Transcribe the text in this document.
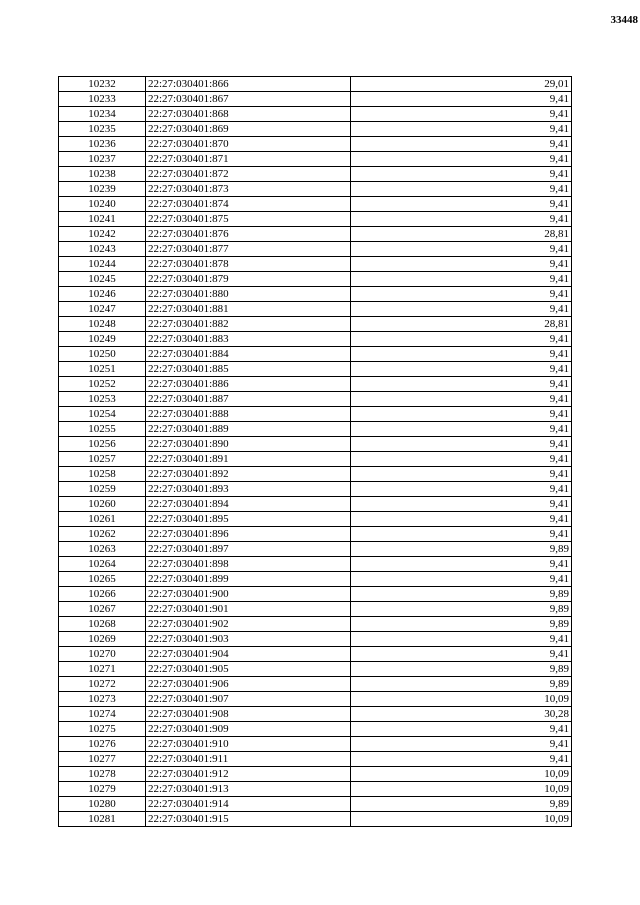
33448
10232	22:27:030401:866	29,01
10233	22:27:030401:867	9,41
10234	22:27:030401:868	9,41
10235	22:27:030401:869	9,41
10236	22:27:030401:870	9,41
10237	22:27:030401:871	9,41
10238	22:27:030401:872	9,41
10239	22:27:030401:873	9,41
10240	22:27:030401:874	9,41
10241	22:27:030401:875	9,41
10242	22:27:030401:876	28,81
10243	22:27:030401:877	9,41
10244	22:27:030401:878	9,41
10245	22:27:030401:879	9,41
10246	22:27:030401:880	9,41
10247	22:27:030401:881	9,41
10248	22:27:030401:882	28,81
10249	22:27:030401:883	9,41
10250	22:27:030401:884	9,41
10251	22:27:030401:885	9,41
10252	22:27:030401:886	9,41
10253	22:27:030401:887	9,41
10254	22:27:030401:888	9,41
10255	22:27:030401:889	9,41
10256	22:27:030401:890	9,41
10257	22:27:030401:891	9,41
10258	22:27:030401:892	9,41
10259	22:27:030401:893	9,41
10260	22:27:030401:894	9,41
10261	22:27:030401:895	9,41
10262	22:27:030401:896	9,41
10263	22:27:030401:897	9,89
10264	22:27:030401:898	9,41
10265	22:27:030401:899	9,41
10266	22:27:030401:900	9,89
10267	22:27:030401:901	9,89
10268	22:27:030401:902	9,89
10269	22:27:030401:903	9,41
10270	22:27:030401:904	9,41
10271	22:27:030401:905	9,89
10272	22:27:030401:906	9,89
10273	22:27:030401:907	10,09
10274	22:27:030401:908	30,28
10275	22:27:030401:909	9,41
10276	22:27:030401:910	9,41
10277	22:27:030401:911	9,41
10278	22:27:030401:912	10,09
10279	22:27:030401:913	10,09
10280	22:27:030401:914	9,89
10281	22:27:030401:915	10,09
